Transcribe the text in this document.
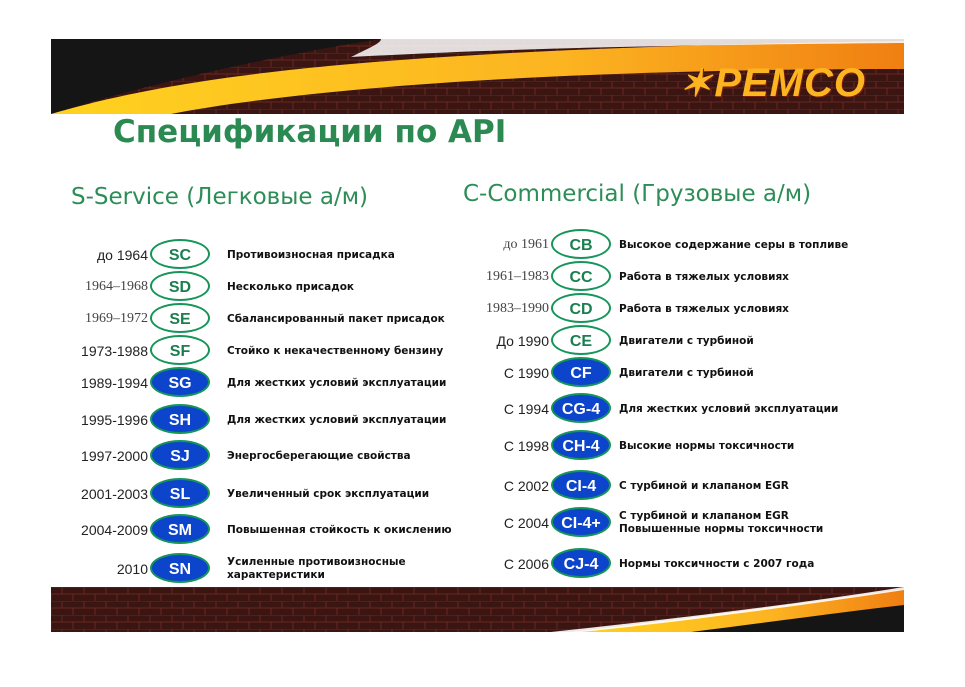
✶PEMCO
Спецификации по API
S-Service (Легковые а/м)	C-Commercial (Грузовые а/м)
до 1964	SC	Противоизносная присадка
1964–1968	SD	Несколько присадок
1969–1972	SE	Сбалансированный пакет присадок
1973-1988	SF	Стойко к некачественному бензину
1989-1994	SG	Для жестких условий эксплуатации
1995-1996	SH	Для жестких условий эксплуатации
1997-2000	SJ	Энергосберегающие свойства
2001-2003	SL	Увеличенный срок эксплуатации
2004-2009	SM	Повышенная стойкость к окислению
2010	SN	Усиленные противоизносные характеристики
до 1961	CB	Высокое содержание серы в топливе
1961–1983	CC	Работа в тяжелых условиях
1983–1990	CD	Работа в тяжелых условиях
До 1990	CE	Двигатели с турбиной
С 1990	CF	Двигатели с турбиной
С 1994 CG-4	Для жестких условий эксплуатации
С 1998 CH-4	Высокие нормы токсичности
С 2002	CI-4	С турбиной и клапаном EGR
С 2004 CI-4+	С турбиной и клапаном EGR Повышенные нормы токсичности
С 2006 CJ-4	Нормы токсичности с 2007 года
